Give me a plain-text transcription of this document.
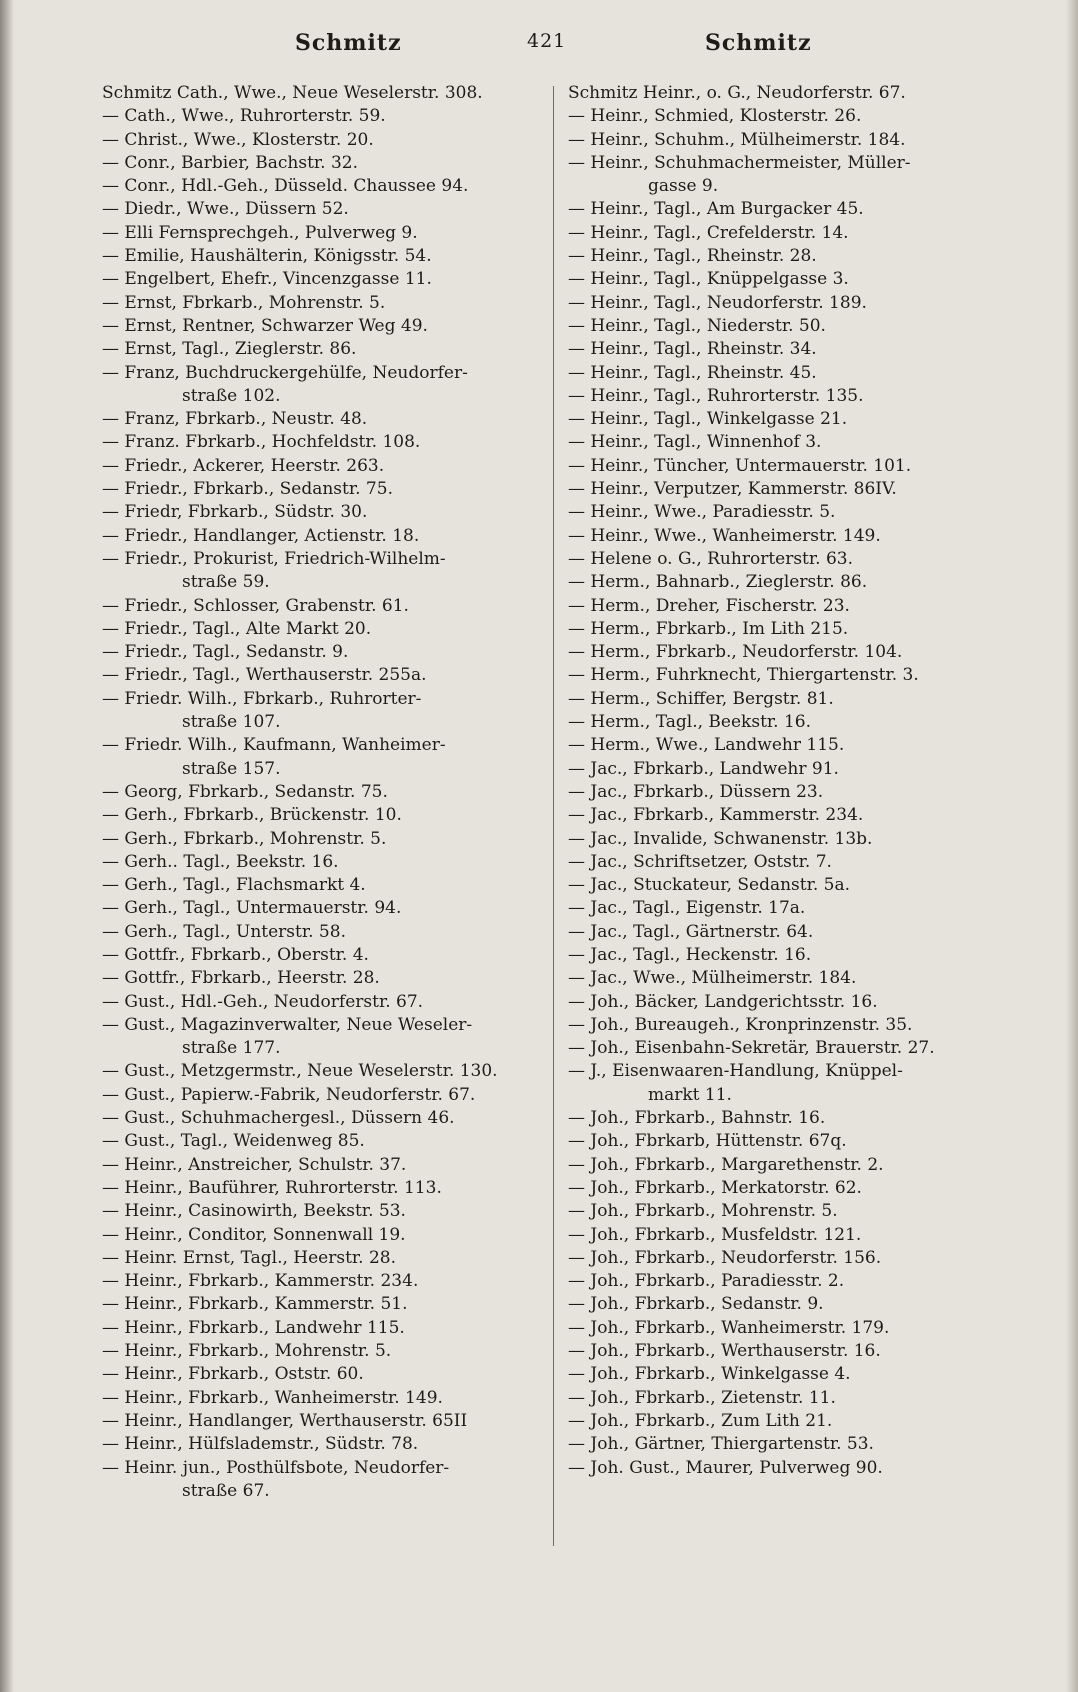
Schmitz	421	Schmitz
Schmitz Cath., Wwe., Neue Weselerstr. 308.
— Cath., Wwe., Ruhrorterstr. 59.
— Christ., Wwe., Klosterstr. 20.
— Conr., Barbier, Bachstr. 32.
— Conr., Hdl.-Geh., Düsseld. Chaussee 94.
— Diedr., Wwe., Düssern 52.
— Elli Fernsprechgeh., Pulverweg 9.
— Emilie, Haushälterin, Königsstr. 54.
— Engelbert, Ehefr., Vincenzgasse 11.
— Ernst, Fbrkarb., Mohrenstr. 5.
— Ernst, Rentner, Schwarzer Weg 49.
— Ernst, Tagl., Zieglerstr. 86.
— Franz, Buchdruckergehülfe, Neudorfer-
straße 102.
— Franz, Fbrkarb., Neustr. 48.
— Franz. Fbrkarb., Hochfeldstr. 108.
— Friedr., Ackerer, Heerstr. 263.
— Friedr., Fbrkarb., Sedanstr. 75.
— Friedr, Fbrkarb., Südstr. 30.
— Friedr., Handlanger, Actienstr. 18.
— Friedr., Prokurist, Friedrich-Wilhelm-
straße 59.
— Friedr., Schlosser, Grabenstr. 61.
— Friedr., Tagl., Alte Markt 20.
— Friedr., Tagl., Sedanstr. 9.
— Friedr., Tagl., Werthauserstr. 255a.
— Friedr. Wilh., Fbrkarb., Ruhrorter-
straße 107.
— Friedr. Wilh., Kaufmann, Wanheimer-
straße 157.
— Georg, Fbrkarb., Sedanstr. 75.
— Gerh., Fbrkarb., Brückenstr. 10.
— Gerh., Fbrkarb., Mohrenstr. 5.
— Gerh.. Tagl., Beekstr. 16.
— Gerh., Tagl., Flachsmarkt 4.
— Gerh., Tagl., Untermauerstr. 94.
— Gerh., Tagl., Unterstr. 58.
— Gottfr., Fbrkarb., Oberstr. 4.
— Gottfr., Fbrkarb., Heerstr. 28.
— Gust., Hdl.-Geh., Neudorferstr. 67.
— Gust., Magazinverwalter, Neue Weseler-
straße 177.
— Gust., Metzgermstr., Neue Weselerstr. 130.
— Gust., Papierw.-Fabrik, Neudorferstr. 67.
— Gust., Schuhmachergesl., Düssern 46.
— Gust., Tagl., Weidenweg 85.
— Heinr., Anstreicher, Schulstr. 37.
— Heinr., Bauführer, Ruhrorterstr. 113.
— Heinr., Casinowirth, Beekstr. 53.
— Heinr., Conditor, Sonnenwall 19.
— Heinr. Ernst, Tagl., Heerstr. 28.
— Heinr., Fbrkarb., Kammerstr. 234.
— Heinr., Fbrkarb., Kammerstr. 51.
— Heinr., Fbrkarb., Landwehr 115.
— Heinr., Fbrkarb., Mohrenstr. 5.
— Heinr., Fbrkarb., Oststr. 60.
— Heinr., Fbrkarb., Wanheimerstr. 149.
— Heinr., Handlanger, Werthauserstr. 65II
— Heinr., Hülfslademstr., Südstr. 78.
— Heinr. jun., Posthülfsbote, Neudorfer-
straße 67.
Schmitz Heinr., o. G., Neudorferstr. 67.
— Heinr., Schmied, Klosterstr. 26.
— Heinr., Schuhm., Mülheimerstr. 184.
— Heinr., Schuhmachermeister, Müller-
gasse 9.
— Heinr., Tagl., Am Burgacker 45.
— Heinr., Tagl., Crefelderstr. 14.
— Heinr., Tagl., Rheinstr. 28.
— Heinr., Tagl., Knüppelgasse 3.
— Heinr., Tagl., Neudorferstr. 189.
— Heinr., Tagl., Niederstr. 50.
— Heinr., Tagl., Rheinstr. 34.
— Heinr., Tagl., Rheinstr. 45.
— Heinr., Tagl., Ruhrorterstr. 135.
— Heinr., Tagl., Winkelgasse 21.
— Heinr., Tagl., Winnenhof 3.
— Heinr., Tüncher, Untermauerstr. 101.
— Heinr., Verputzer, Kammerstr. 86IV.
— Heinr., Wwe., Paradiesstr. 5.
— Heinr., Wwe., Wanheimerstr. 149.
— Helene o. G., Ruhrorterstr. 63.
— Herm., Bahnarb., Zieglerstr. 86.
— Herm., Dreher, Fischerstr. 23.
— Herm., Fbrkarb., Im Lith 215.
— Herm., Fbrkarb., Neudorferstr. 104.
— Herm., Fuhrknecht, Thiergartenstr. 3.
— Herm., Schiffer, Bergstr. 81.
— Herm., Tagl., Beekstr. 16.
— Herm., Wwe., Landwehr 115.
— Jac., Fbrkarb., Landwehr 91.
— Jac., Fbrkarb., Düssern 23.
— Jac., Fbrkarb., Kammerstr. 234.
— Jac., Invalide, Schwanenstr. 13b.
— Jac., Schriftsetzer, Oststr. 7.
— Jac., Stuckateur, Sedanstr. 5a.
— Jac., Tagl., Eigenstr. 17a.
— Jac., Tagl., Gärtnerstr. 64.
— Jac., Tagl., Heckenstr. 16.
— Jac., Wwe., Mülheimerstr. 184.
— Joh., Bäcker, Landgerichtsstr. 16.
— Joh., Bureaugeh., Kronprinzenstr. 35.
— Joh., Eisenbahn-Sekretär, Brauerstr. 27.
— J., Eisenwaaren-Handlung, Knüppel-
markt 11.
— Joh., Fbrkarb., Bahnstr. 16.
— Joh., Fbrkarb, Hüttenstr. 67q.
— Joh., Fbrkarb., Margarethenstr. 2.
— Joh., Fbrkarb., Merkatorstr. 62.
— Joh., Fbrkarb., Mohrenstr. 5.
— Joh., Fbrkarb., Musfeldstr. 121.
— Joh., Fbrkarb., Neudorferstr. 156.
— Joh., Fbrkarb., Paradiesstr. 2.
— Joh., Fbrkarb., Sedanstr. 9.
— Joh., Fbrkarb., Wanheimerstr. 179.
— Joh., Fbrkarb., Werthauserstr. 16.
— Joh., Fbrkarb., Winkelgasse 4.
— Joh., Fbrkarb., Zietenstr. 11.
— Joh., Fbrkarb., Zum Lith 21.
— Joh., Gärtner, Thiergartenstr. 53.
— Joh. Gust., Maurer, Pulverweg 90.
